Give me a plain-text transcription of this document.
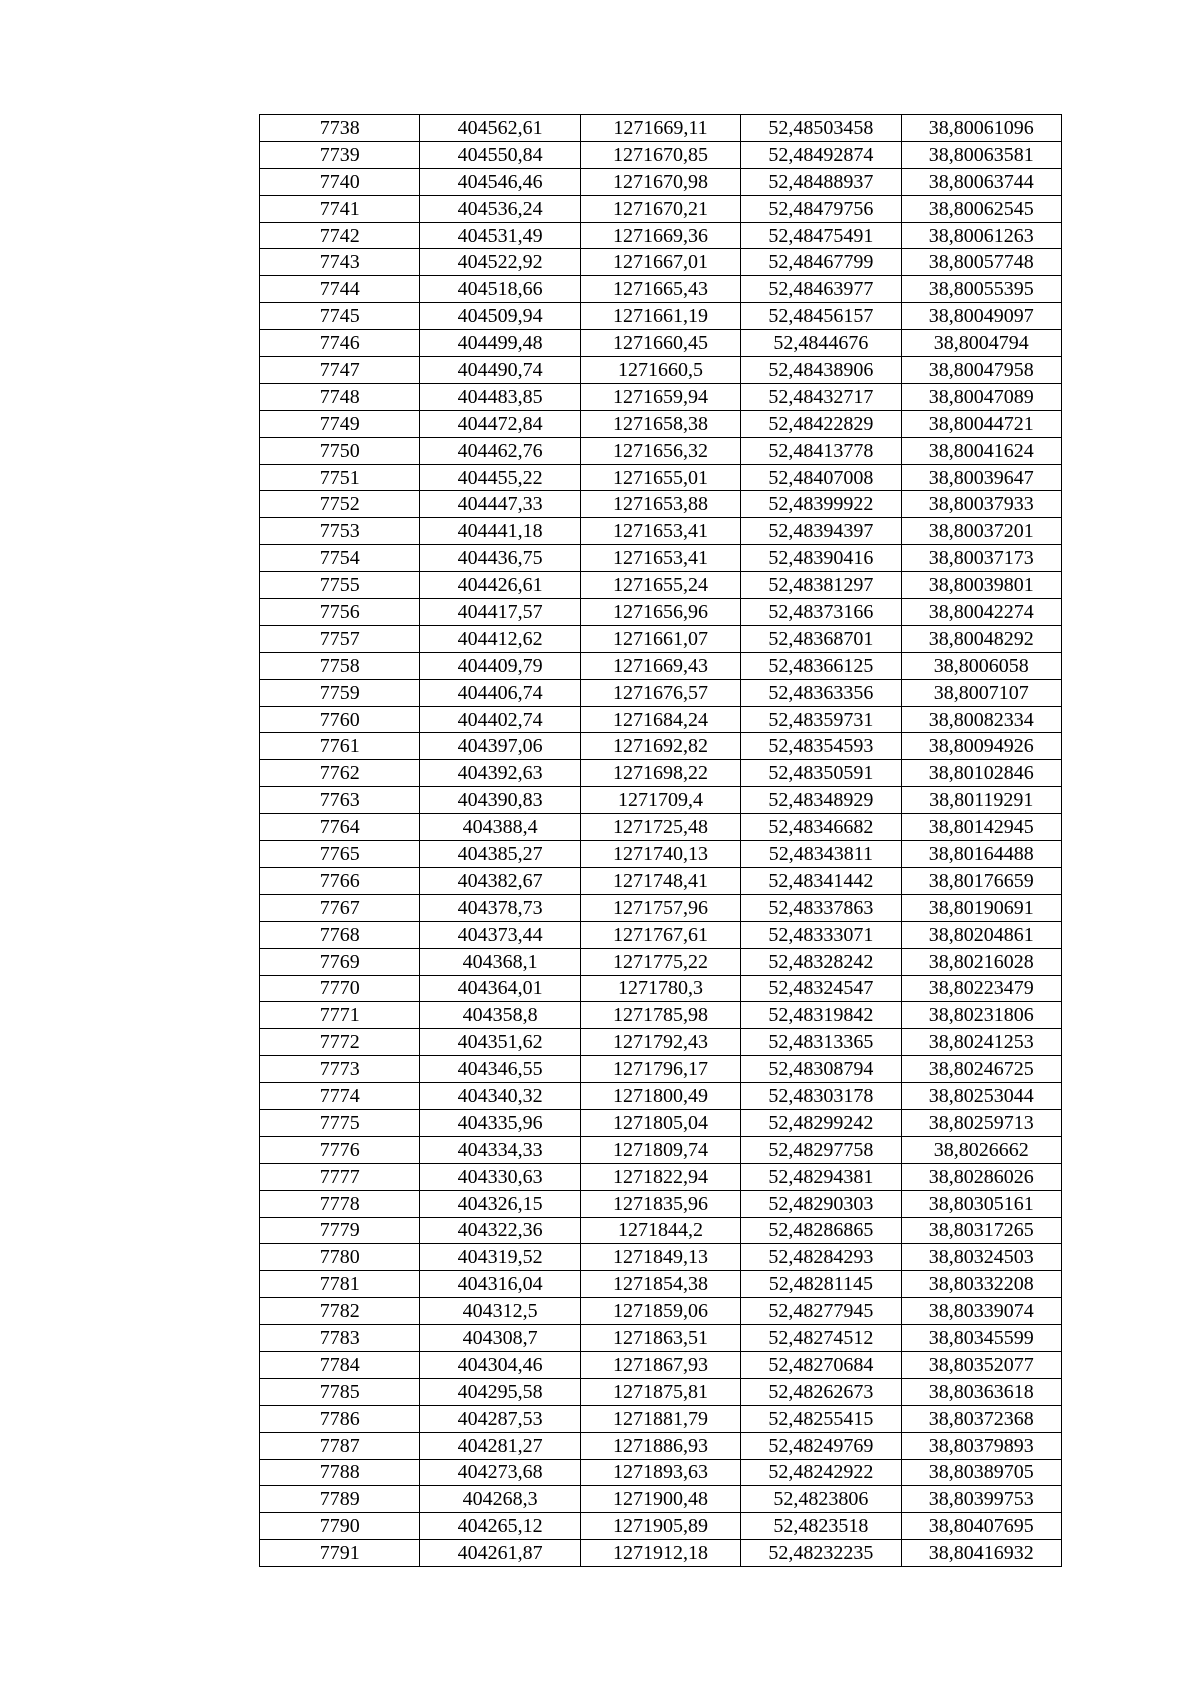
7738	404562,61	1271669,11	52,48503458	38,80061096
7739	404550,84	1271670,85	52,48492874	38,80063581
7740	404546,46	1271670,98	52,48488937	38,80063744
7741	404536,24	1271670,21	52,48479756	38,80062545
7742	404531,49	1271669,36	52,48475491	38,80061263
7743	404522,92	1271667,01	52,48467799	38,80057748
7744	404518,66	1271665,43	52,48463977	38,80055395
7745	404509,94	1271661,19	52,48456157	38,80049097
7746	404499,48	1271660,45	52,4844676	38,8004794
7747	404490,74	1271660,5	52,48438906	38,80047958
7748	404483,85	1271659,94	52,48432717	38,80047089
7749	404472,84	1271658,38	52,48422829	38,80044721
7750	404462,76	1271656,32	52,48413778	38,80041624
7751	404455,22	1271655,01	52,48407008	38,80039647
7752	404447,33	1271653,88	52,48399922	38,80037933
7753	404441,18	1271653,41	52,48394397	38,80037201
7754	404436,75	1271653,41	52,48390416	38,80037173
7755	404426,61	1271655,24	52,48381297	38,80039801
7756	404417,57	1271656,96	52,48373166	38,80042274
7757	404412,62	1271661,07	52,48368701	38,80048292
7758	404409,79	1271669,43	52,48366125	38,8006058
7759	404406,74	1271676,57	52,48363356	38,8007107
7760	404402,74	1271684,24	52,48359731	38,80082334
7761	404397,06	1271692,82	52,48354593	38,80094926
7762	404392,63	1271698,22	52,48350591	38,80102846
7763	404390,83	1271709,4	52,48348929	38,80119291
7764	404388,4	1271725,48	52,48346682	38,80142945
7765	404385,27	1271740,13	52,48343811	38,80164488
7766	404382,67	1271748,41	52,48341442	38,80176659
7767	404378,73	1271757,96	52,48337863	38,80190691
7768	404373,44	1271767,61	52,48333071	38,80204861
7769	404368,1	1271775,22	52,48328242	38,80216028
7770	404364,01	1271780,3	52,48324547	38,80223479
7771	404358,8	1271785,98	52,48319842	38,80231806
7772	404351,62	1271792,43	52,48313365	38,80241253
7773	404346,55	1271796,17	52,48308794	38,80246725
7774	404340,32	1271800,49	52,48303178	38,80253044
7775	404335,96	1271805,04	52,48299242	38,80259713
7776	404334,33	1271809,74	52,48297758	38,8026662
7777	404330,63	1271822,94	52,48294381	38,80286026
7778	404326,15	1271835,96	52,48290303	38,80305161
7779	404322,36	1271844,2	52,48286865	38,80317265
7780	404319,52	1271849,13	52,48284293	38,80324503
7781	404316,04	1271854,38	52,48281145	38,80332208
7782	404312,5	1271859,06	52,48277945	38,80339074
7783	404308,7	1271863,51	52,48274512	38,80345599
7784	404304,46	1271867,93	52,48270684	38,80352077
7785	404295,58	1271875,81	52,48262673	38,80363618
7786	404287,53	1271881,79	52,48255415	38,80372368
7787	404281,27	1271886,93	52,48249769	38,80379893
7788	404273,68	1271893,63	52,48242922	38,80389705
7789	404268,3	1271900,48	52,4823806	38,80399753
7790	404265,12	1271905,89	52,4823518	38,80407695
7791	404261,87	1271912,18	52,48232235	38,80416932
